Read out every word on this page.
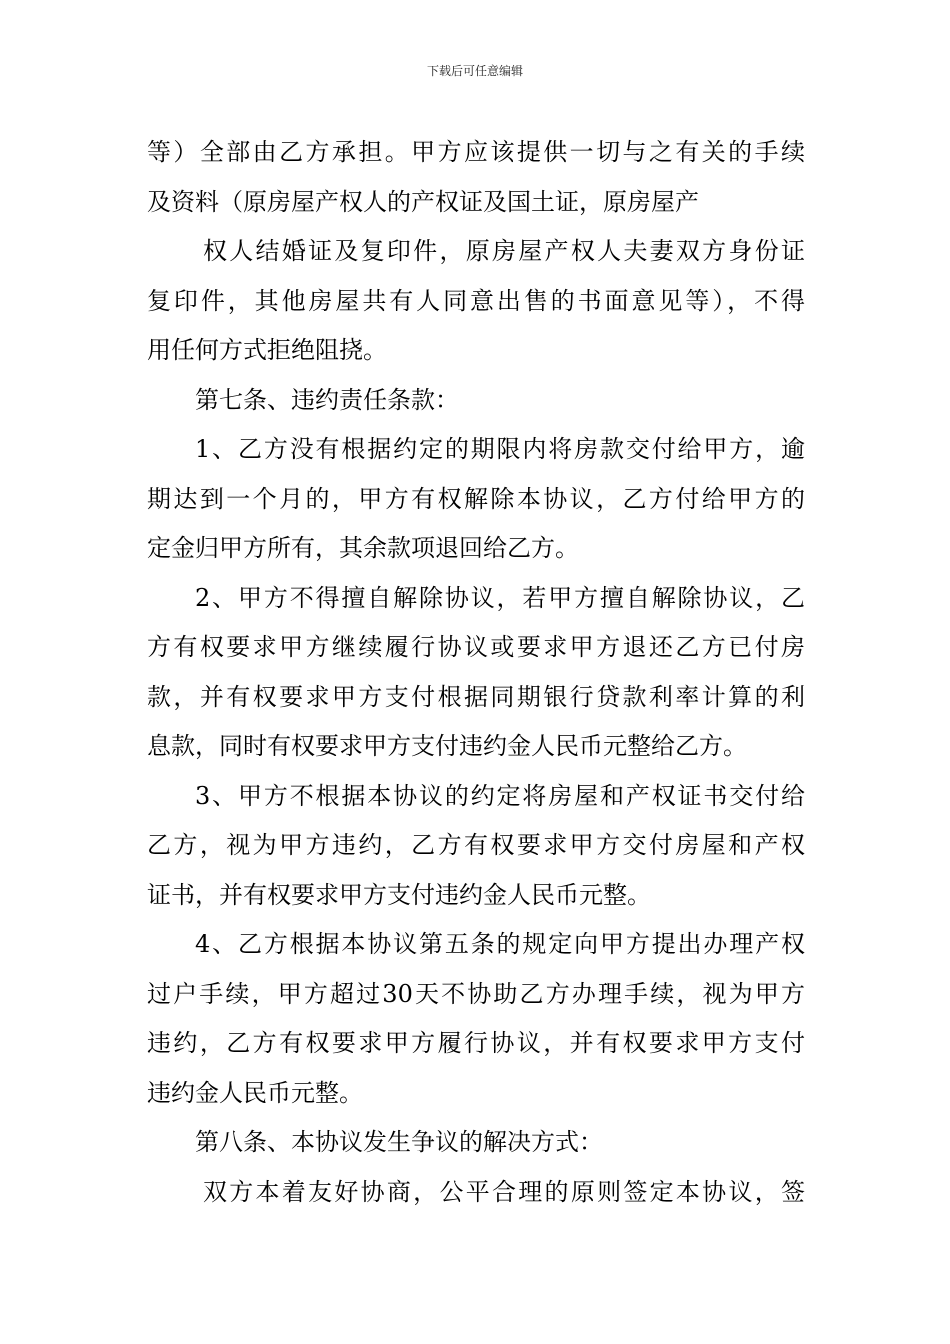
下载后可任意编辑
等）全部由乙方承担。甲方应该提供一切与之有关的手续
及资料（原房屋产权人的产权证及国土证，原房屋产
权人结婚证及复印件，原房屋产权人夫妻双方身份证
复印件，其他房屋共有人同意出售的书面意见等），不得
用任何方式拒绝阻挠。
第七条、违约责任条款：
1、乙方没有根据约定的期限内将房款交付给甲方，逾
期达到一个月的，甲方有权解除本协议，乙方付给甲方的
定金归甲方所有，其余款项退回给乙方。
2、甲方不得擅自解除协议，若甲方擅自解除协议，乙
方有权要求甲方继续履行协议或要求甲方退还乙方已付房
款，并有权要求甲方支付根据同期银行贷款利率计算的利
息款，同时有权要求甲方支付违约金人民币元整给乙方。
3、甲方不根据本协议的约定将房屋和产权证书交付给
乙方，视为甲方违约，乙方有权要求甲方交付房屋和产权
证书，并有权要求甲方支付违约金人民币元整。
4、乙方根据本协议第五条的规定向甲方提出办理产权
过户手续，甲方超过30天不协助乙方办理手续，视为甲方
违约，乙方有权要求甲方履行协议，并有权要求甲方支付
违约金人民币元整。
第八条、本协议发生争议的解决方式：
双方本着友好协商，公平合理的原则签定本协议，签
